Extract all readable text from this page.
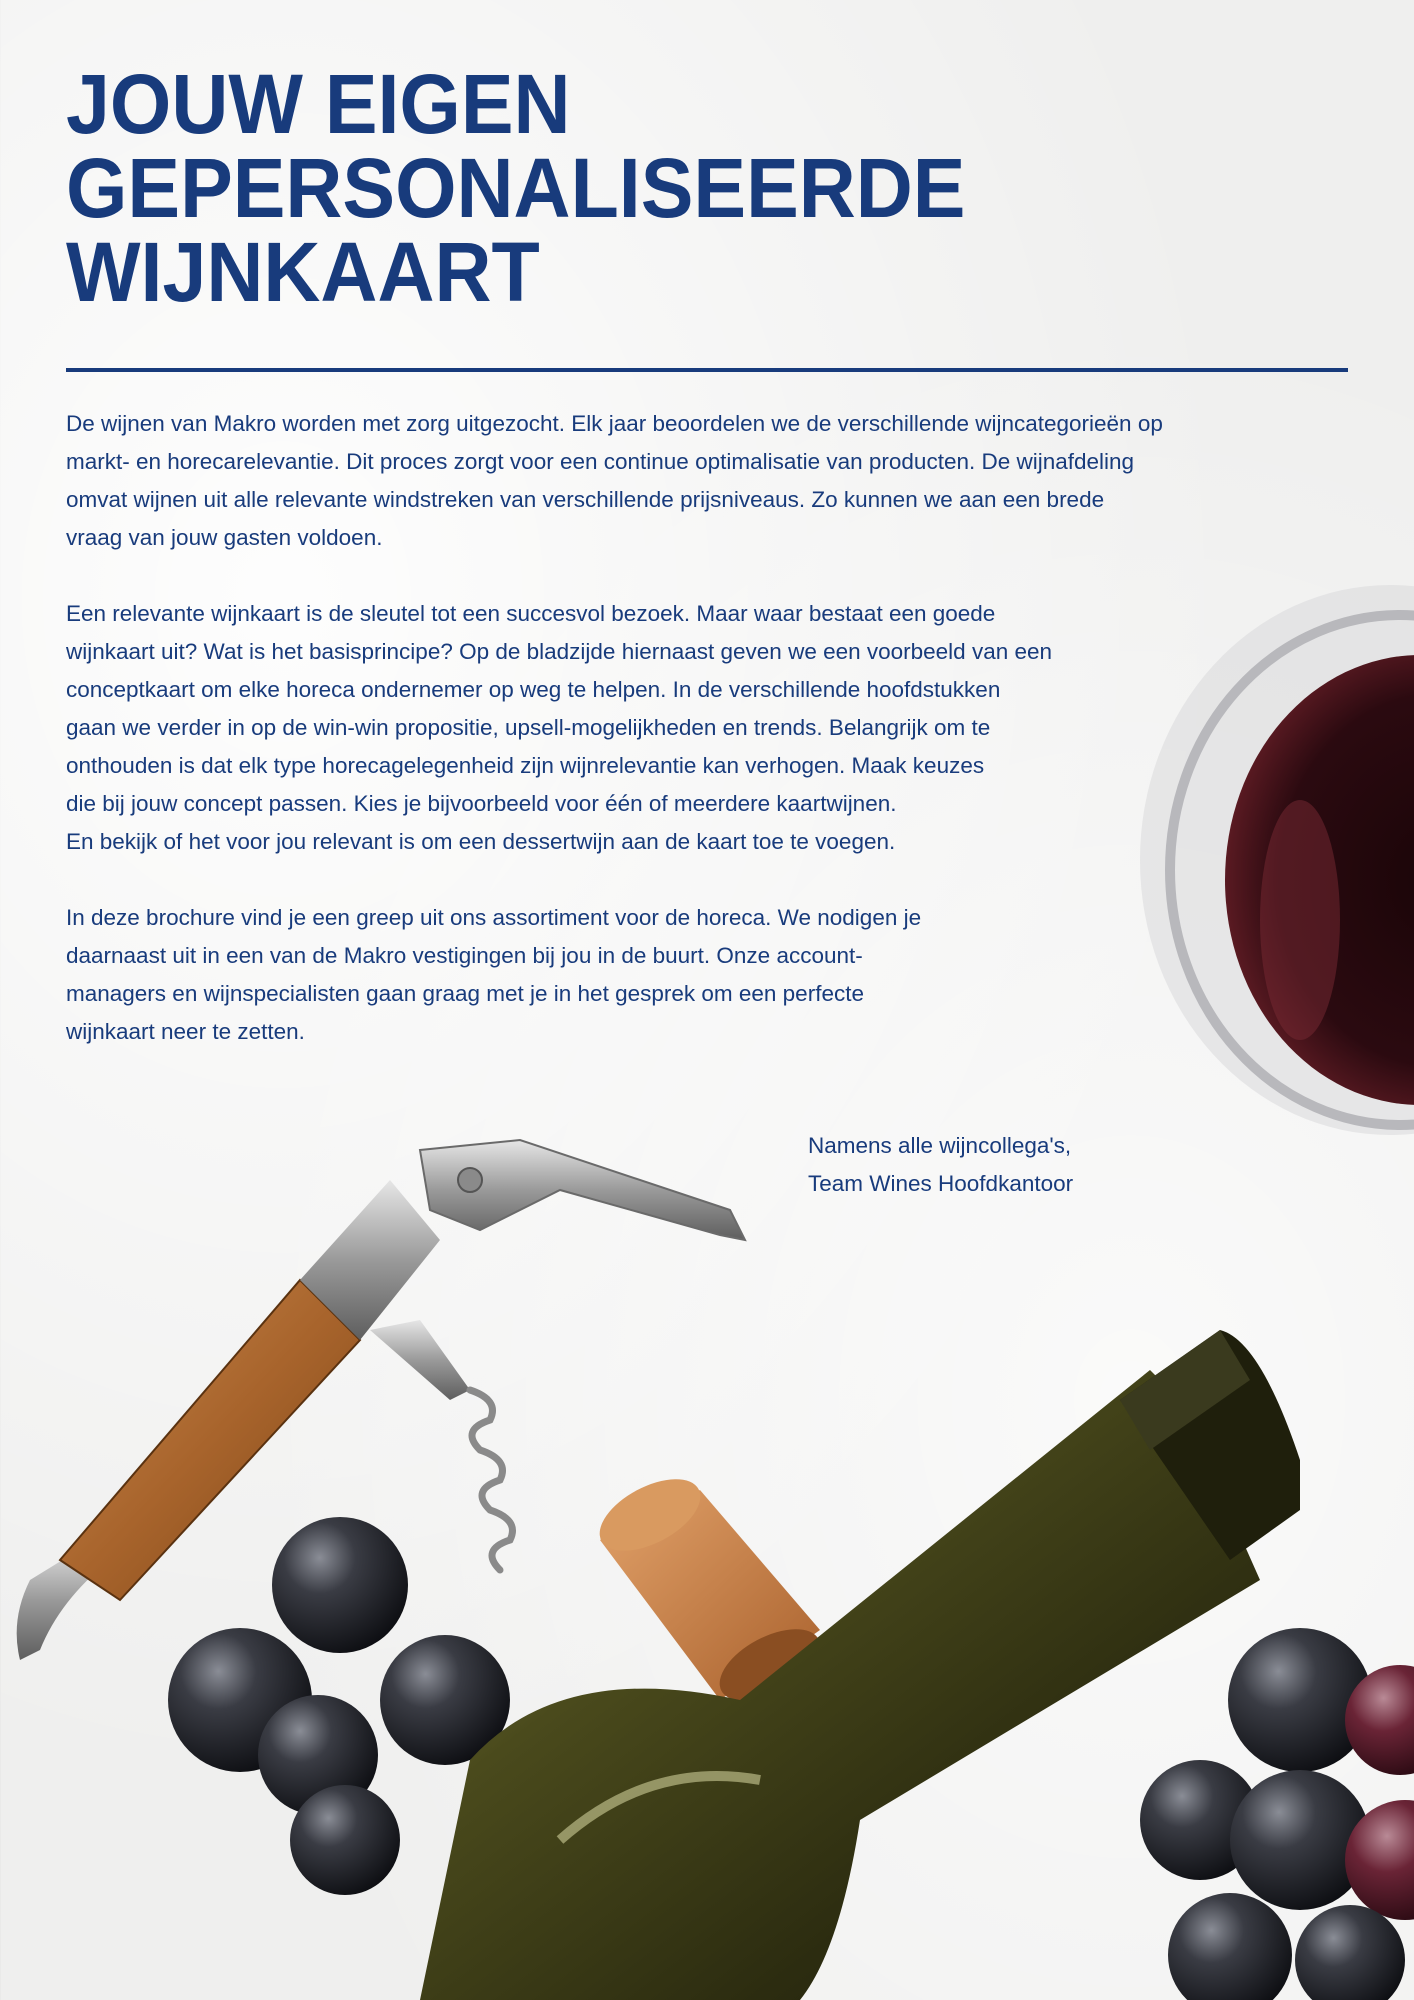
JOUW EIGEN
GEPERSONALISEERDE
WIJNKAART

De wijnen van Makro worden met zorg uitgezocht. Elk jaar beoordelen we de verschillende wijncategorieën op
markt- en horecarelevantie. Dit proces zorgt voor een continue optimalisatie van producten. De wijnafdeling
omvat wijnen uit alle relevante windstreken van verschillende prijsniveaus. Zo kunnen we aan een brede
vraag van jouw gasten voldoen.

Een relevante wijnkaart is de sleutel tot een succesvol bezoek. Maar waar bestaat een goede
wijnkaart uit? Wat is het basisprincipe? Op de bladzijde hiernaast geven we een voorbeeld van een
conceptkaart om elke horeca ondernemer op weg te helpen. In de verschillende hoofdstukken
gaan we verder in op de win-win propositie, upsell-mogelijkheden en trends. Belangrijk om te
onthouden is dat elk type horecagelegenheid zijn wijnrelevantie kan verhogen. Maak keuzes
die bij jouw concept passen. Kies je bijvoorbeeld voor één of meerdere kaartwijnen.
En bekijk of het voor jou relevant is om een dessertwijn aan de kaart toe te voegen.

In deze brochure vind je een greep uit ons assortiment voor de horeca. We nodigen je
daarnaast uit in een van de Makro vestigingen bij jou in de buurt. Onze account-
managers en wijnspecialisten gaan graag met je in het gesprek om een perfecte
wijnkaart neer te zetten.

Namens alle wijncollega's,
Team Wines Hoofdkantoor
